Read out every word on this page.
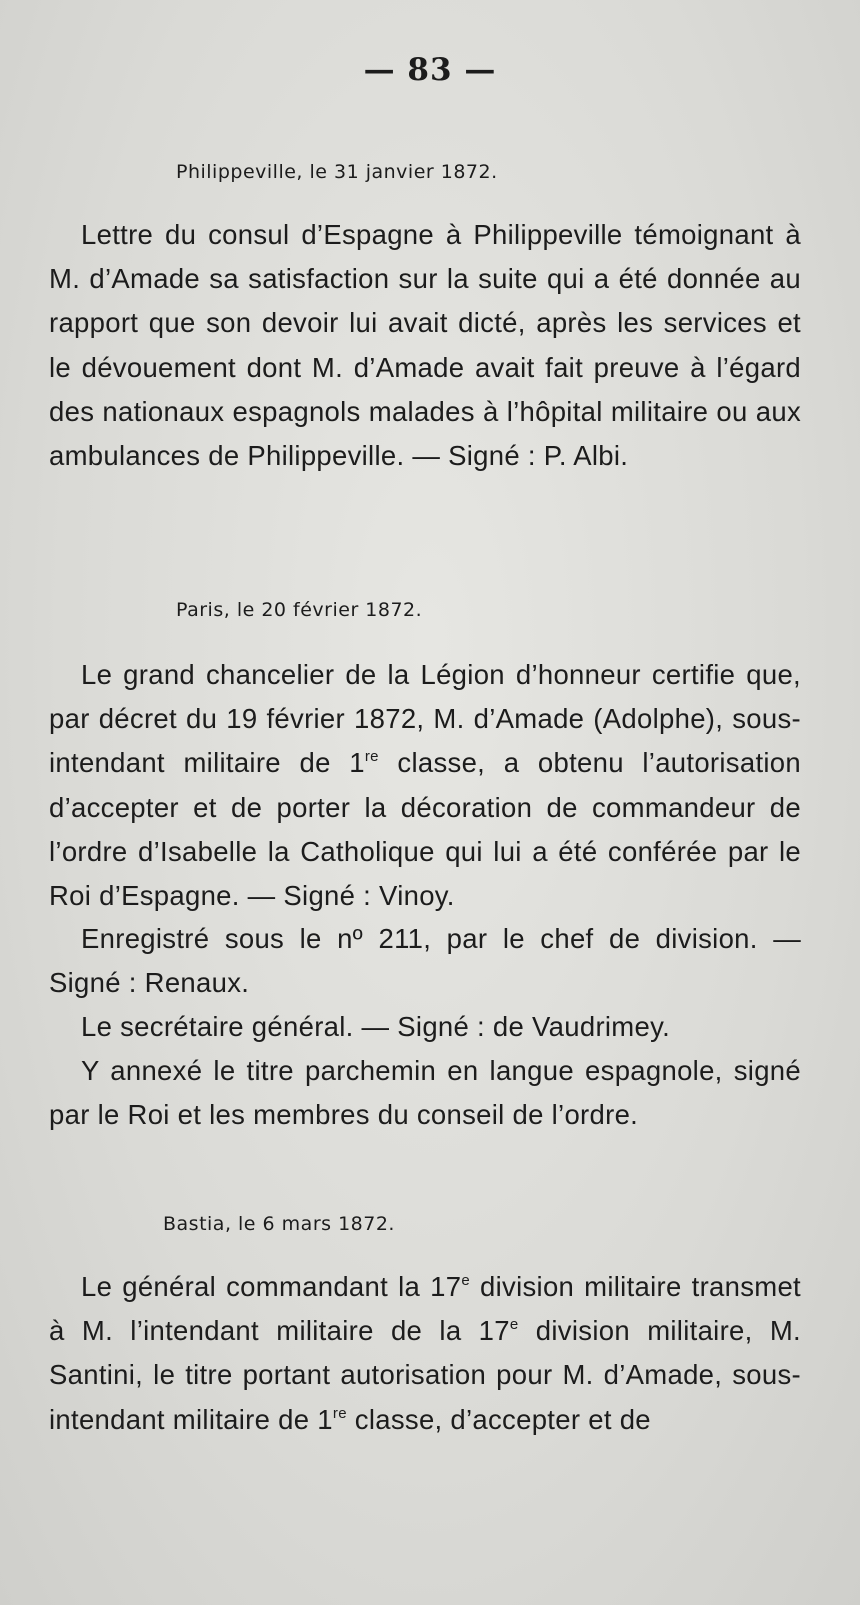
— 83 —
Philippeville, le 31 janvier 1872.

Lettre du consul d’Espagne à Philippeville témoignant à M. d’Amade sa satisfaction sur la suite qui a été donnée au rapport que son devoir lui avait dicté, après les services et le dévouement dont M. d’Amade avait fait preuve à l’égard des nationaux espagnols malades à l’hôpital militaire ou aux ambulances de Philippeville. — Signé : P. Albi.

Paris, le 20 février 1872.

Le grand chancelier de la Légion d’honneur certifie que, par décret du 19 février 1872, M. d’Amade (Adolphe), sous-intendant militaire de 1re classe, a obtenu l’autorisation d’accepter et de porter la décoration de commandeur de l’ordre d’Isabelle la Catholique qui lui a été conférée par le Roi d’Espagne. — Signé : Vinoy.

Enregistré sous le nº 211, par le chef de division. — Signé : Renaux.

Le secrétaire général. — Signé : de Vaudrimey.

Y annexé le titre parchemin en langue espagnole, signé par le Roi et les membres du conseil de l’ordre.

Bastia, le 6 mars 1872.

Le général commandant la 17e division militaire transmet à M. l’intendant militaire de la 17e division militaire, M. Santini, le titre portant autorisation pour M. d’Amade, sous-intendant militaire de 1re classe, d’accepter et de
